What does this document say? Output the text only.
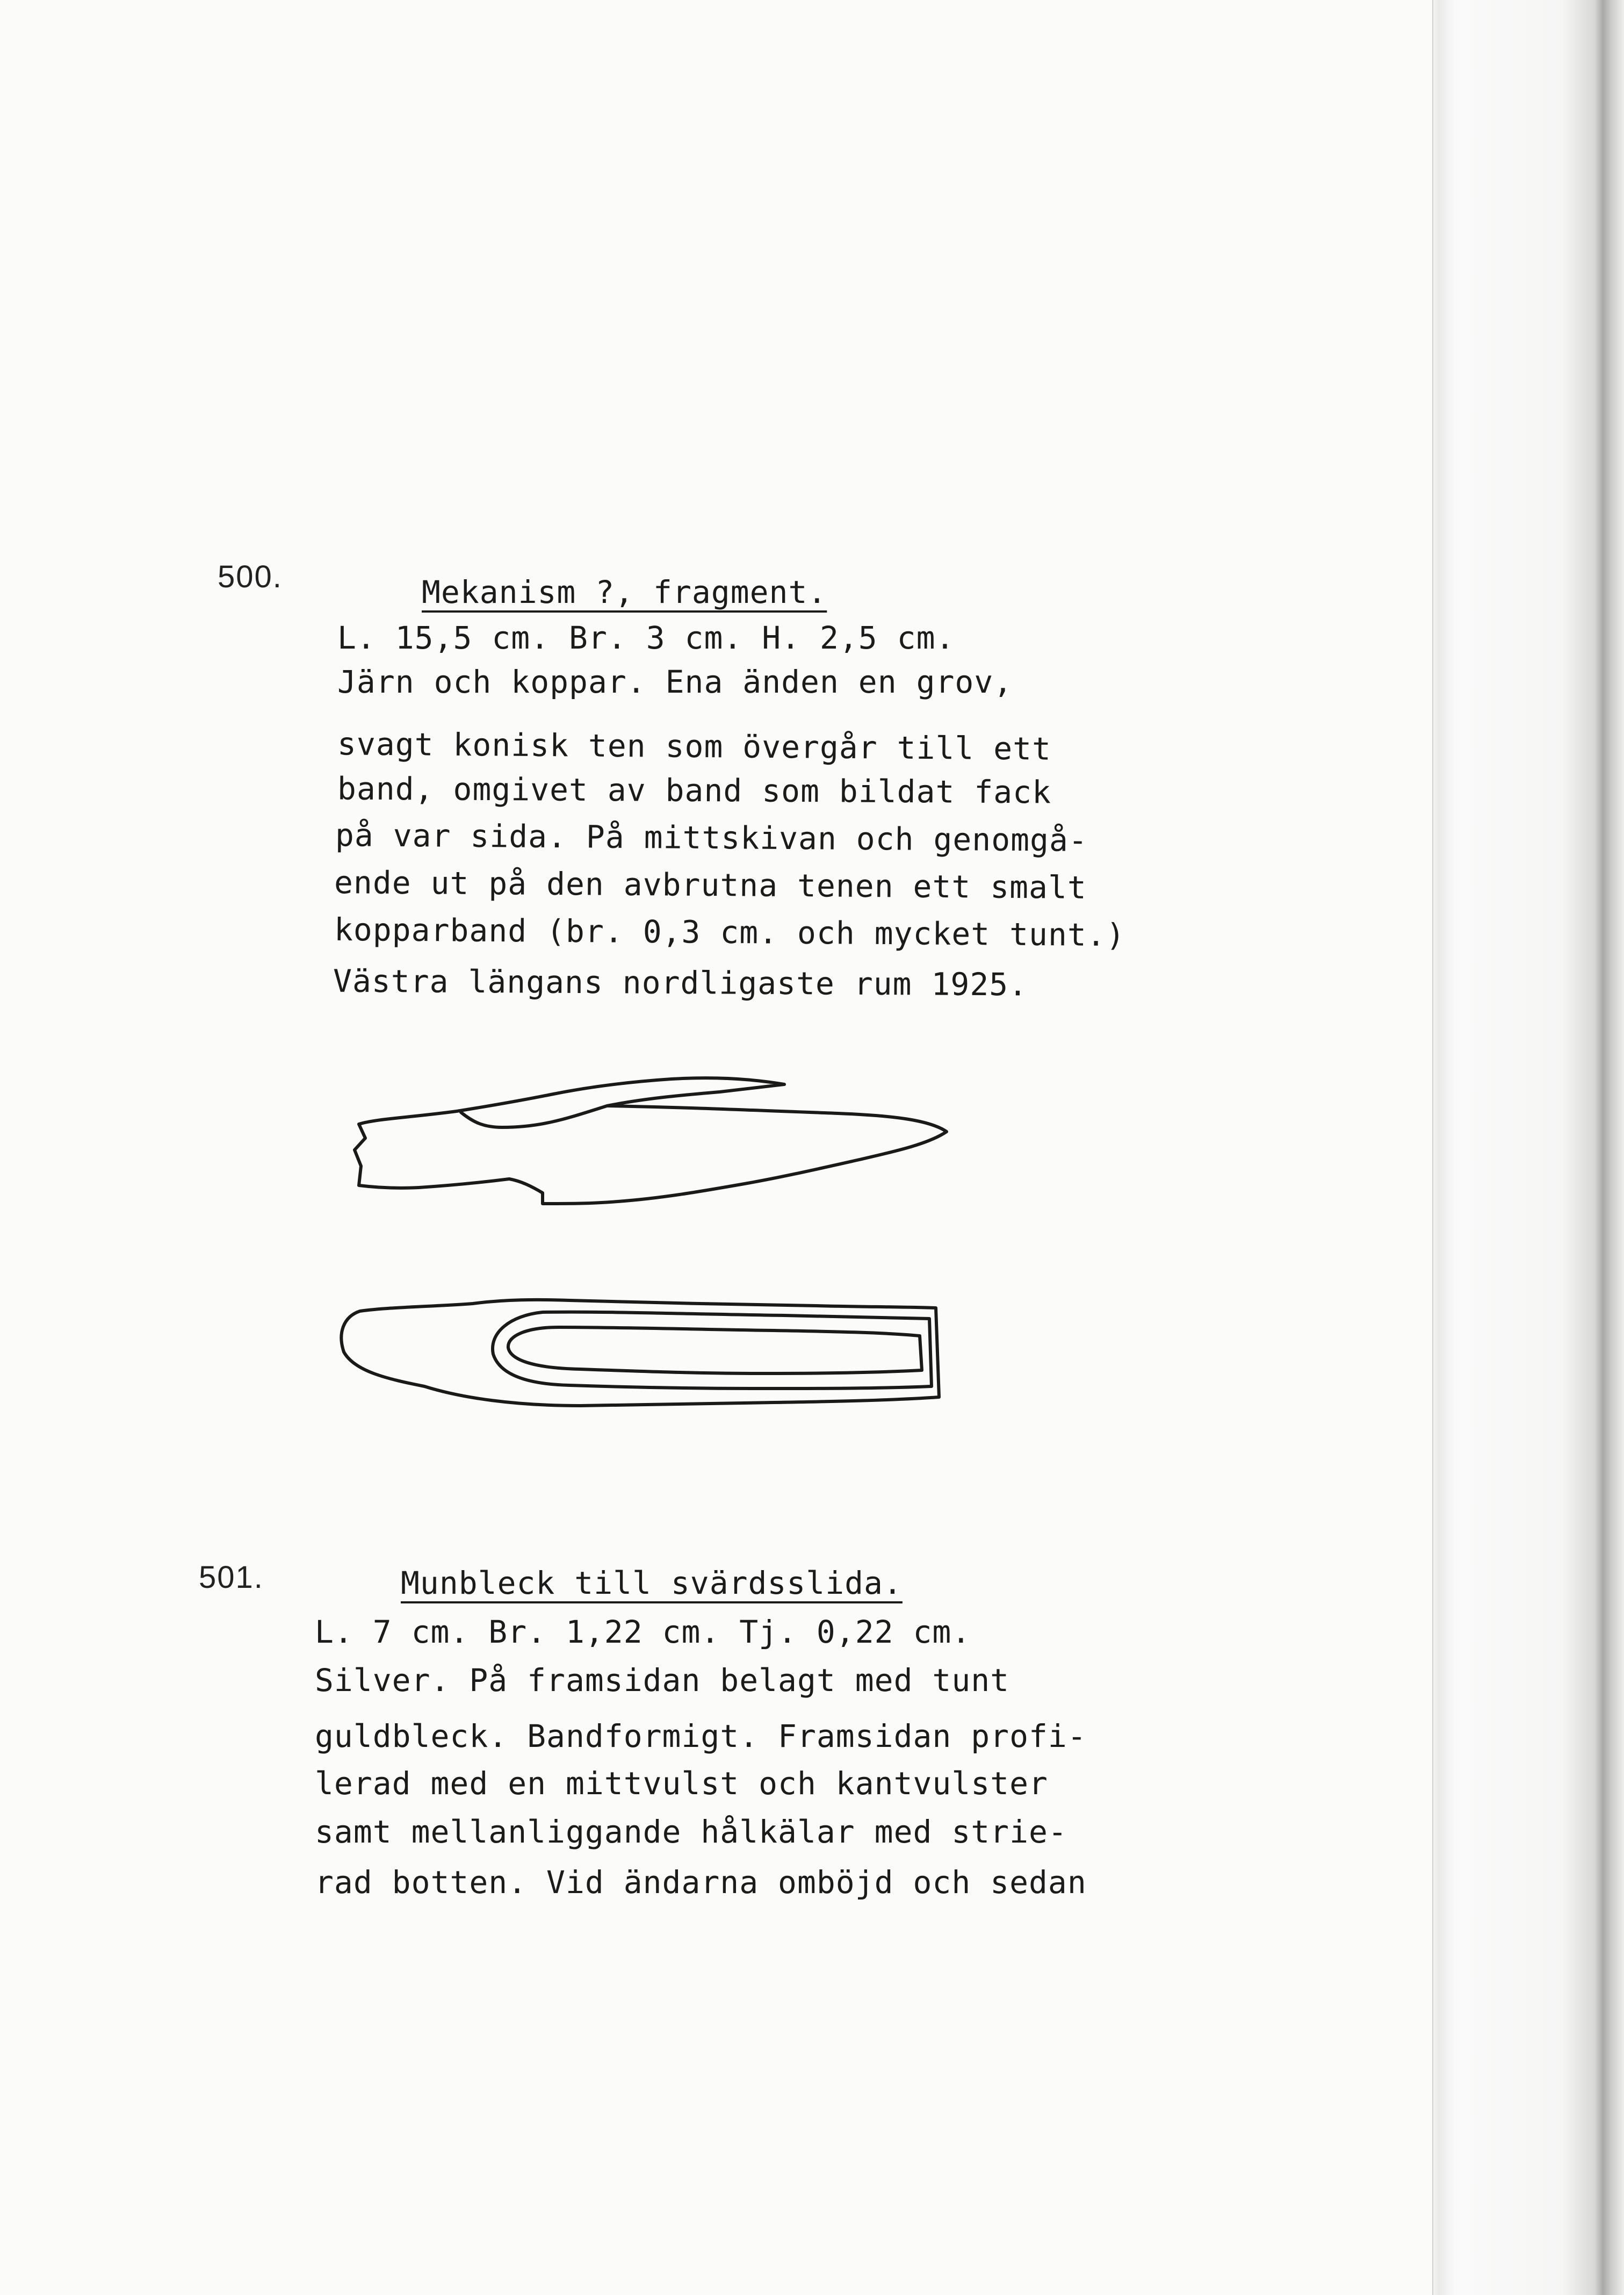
500.	Mekanism ?, fragment.
L. 15,5 cm. Br. 3 cm. H. 2,5 cm.
Järn och koppar. Ena änden en grov,
svagt konisk ten som övergår till ett
band, omgivet av band som bildat fack
på var sida. På mittskivan och genomgå-
ende ut på den avbrutna tenen ett smalt
kopparband (br. 0,3 cm. och mycket tunt.)
Västra längans nordligaste rum 1925.
501.	Munbleck till svärdsslida.
L. 7 cm. Br. 1,22 cm. Tj. 0,22 cm.
Silver. På framsidan belagt med tunt
guldbleck. Bandformigt. Framsidan profi-
lerad med en mittvulst och kantvulster
samt mellanliggande hålkälar med strie-
rad botten. Vid ändarna omböjd och sedan
